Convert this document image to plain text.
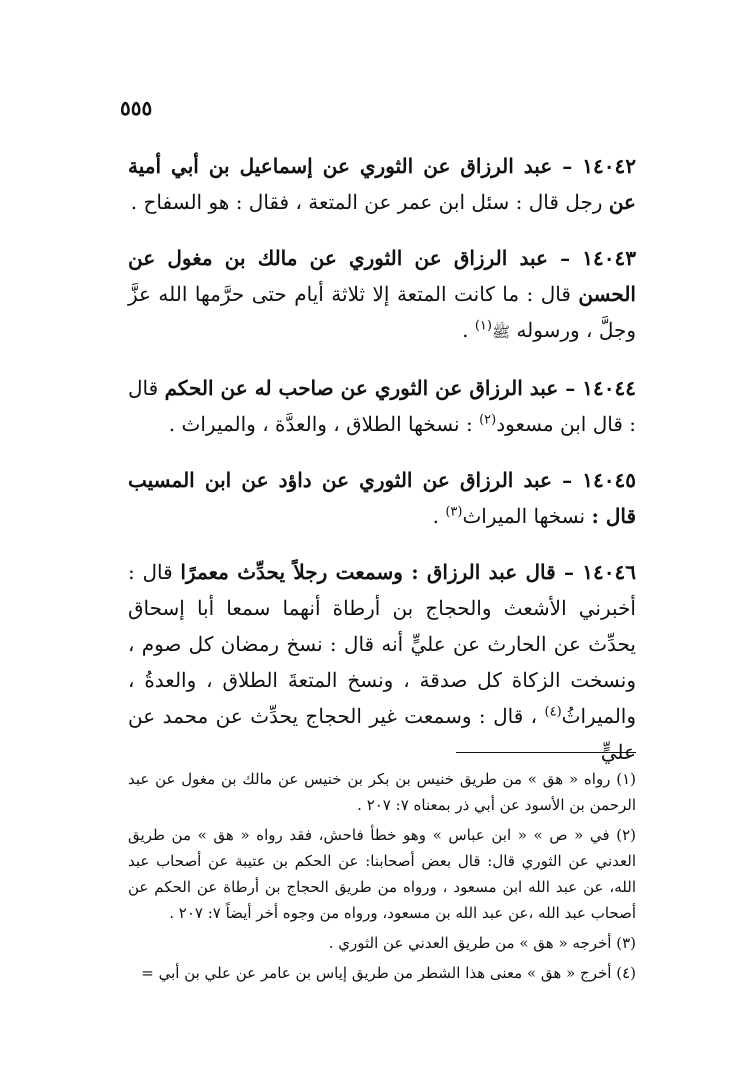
٥٥٥

١٤٠٤٢ – عبد الرزاق عن الثوري عن إسماعيل بن أبي أمية عن رجل قال : سئل ابن عمر عن المتعة ، فقال : هو السفاح .

١٤٠٤٣ – عبد الرزاق عن الثوري عن مالك بن مغول عن الحسن قال : ما كانت المتعة إلا ثلاثة أيام حتى حرَّمها الله عزَّ وجلَّ ، ورسوله ﷺ$^{(١)}$ .

١٤٠٤٤ – عبد الرزاق عن الثوري عن صاحب له عن الحكم قال : قال ابن مسعود$^{(٢)}$ : نسخها الطلاق ، والعدَّة ، والميراث .

١٤٠٤٥ – عبد الرزاق عن الثوري عن داؤد عن ابن المسيب قال : نسخها الميراث$^{(٣)}$ .

١٤٠٤٦ – قال عبد الرزاق : وسمعت رجلاً يحدِّث معمرًا قال : أخبرني الأشعث والحجاج بن أرطاة أنهما سمعا أبا إسحاق يحدِّث عن الحارث عن عليٍّ أنه قال : نسخ رمضان كل صوم ، ونسخت الزكاة كل صدقة ، ونسخ المتعةَ الطلاق ، والعدةُ ، والميراثُ$^{(٤)}$ ، قال : وسمعت غير الحجاج يحدِّث عن محمد عن عليٍّ

(١) رواه « هق » من طريق خنيس بن بكر بن خنيس عن مالك بن مغول عن عبد الرحمن بن الأسود عن أبي ذر بمعناه ٧: ٢٠٧ .

(٢) في « ص » « ابن عباس » وهو خطأ فاحش، فقد رواه « هق » من طريق العدني عن الثوري قال: قال بعض أصحابنا: عن الحكم بن عتيبة عن أصحاب عبد الله، عن عبد الله ابن مسعود ، ورواه من طريق الحجاج بن أرطاة عن الحكم عن أصحاب عبد الله ،عن عبد الله بن مسعود، ورواه من وجوه أخر أيضاً ٧: ٢٠٧ .

(٣) أخرجه « هق » من طريق العدني عن الثوري .

(٤) أخرج « هق » معنى هذا الشطر من طريق إياس بن عامر عن علي بن أبي =
